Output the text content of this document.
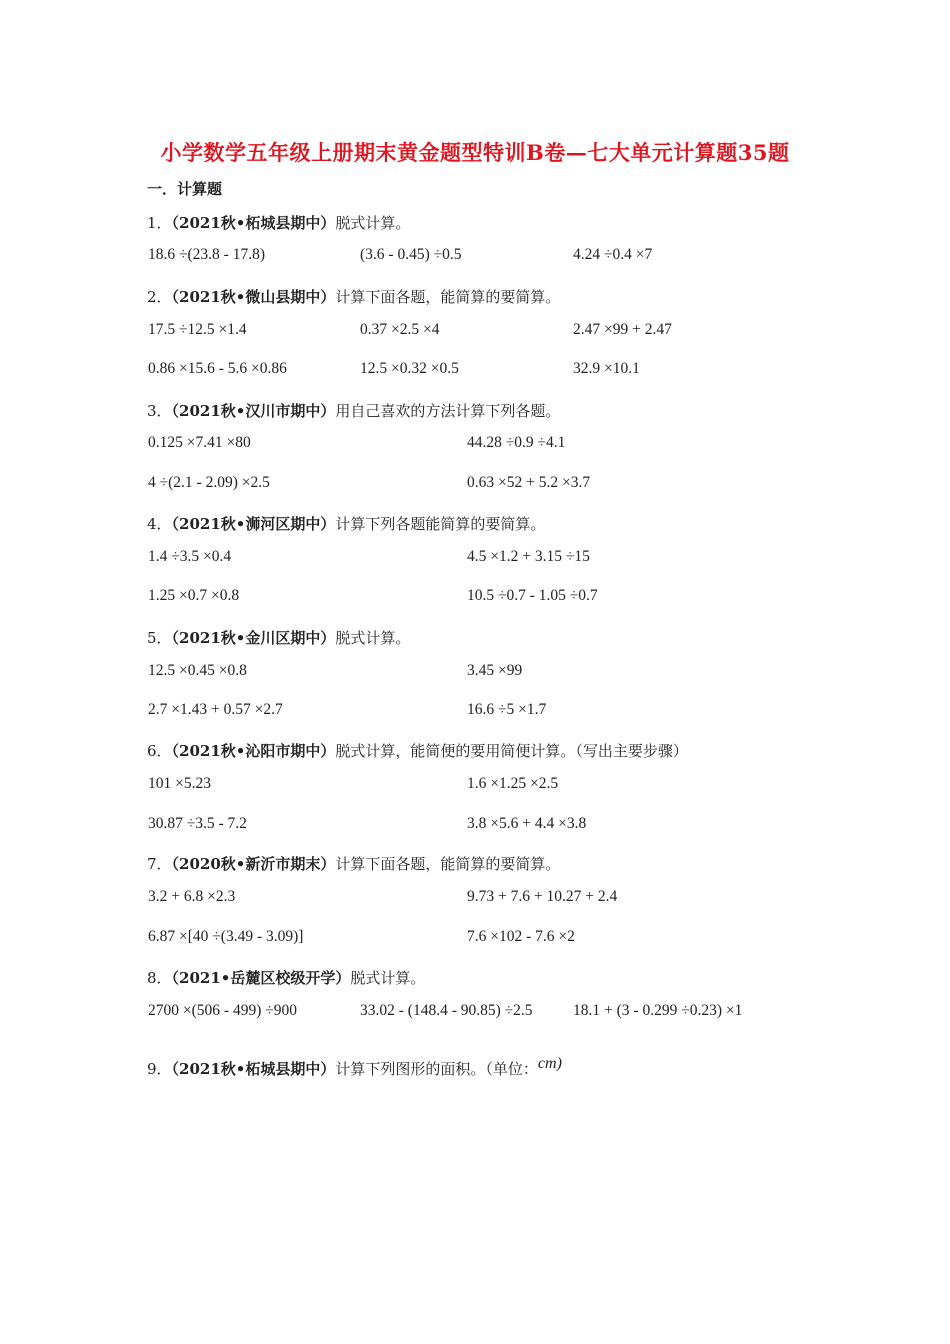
小学数学五年级上册期末黄金题型特训B卷—七大单元计算题35题
一．计算题
1．（2021秋•柘城县期中）脱式计算。
18.6 ÷(23.8 - 17.8)	(3.6 - 0.45) ÷0.5	4.24 ÷0.4 ×7
2．（2021秋•微山县期中）计算下面各题，能简算的要简算。
17.5 ÷12.5 ×1.4	0.37 ×2.5 ×4	2.47 ×99 + 2.47
0.86 ×15.6 - 5.6 ×0.86	12.5 ×0.32 ×0.5	32.9 ×10.1
3．（2021秋•汉川市期中）用自己喜欢的方法计算下列各题。
0.125 ×7.41 ×80	44.28 ÷0.9 ÷4.1
4 ÷(2.1 - 2.09) ×2.5	0.63 ×52 + 5.2 ×3.7
4．（2021秋•浉河区期中）计算下列各题能简算的要简算。
1.4 ÷3.5 ×0.4	4.5 ×1.2 + 3.15 ÷15
1.25 ×0.7 ×0.8	10.5 ÷0.7 - 1.05 ÷0.7
5．（2021秋•金川区期中）脱式计算。
12.5 ×0.45 ×0.8	3.45 ×99
2.7 ×1.43 + 0.57 ×2.7	16.6 ÷5 ×1.7
6．（2021秋•沁阳市期中）脱式计算，能简便的要用简便计算。（写出主要步骤）
101 ×5.23	1.6 ×1.25 ×2.5
30.87 ÷3.5 - 7.2	3.8 ×5.6 + 4.4 ×3.8
7．（2020秋•新沂市期末）计算下面各题，能简算的要简算。
3.2 + 6.8 ×2.3	9.73 + 7.6 + 10.27 + 2.4
6.87 ×[40 ÷(3.49 - 3.09)]	7.6 ×102 - 7.6 ×2
8．（2021•岳麓区校级开学）脱式计算。
2700 ×(506 - 499) ÷900	33.02 - (148.4 - 90.85) ÷2.5	18.1 + (3 - 0.299 ÷0.23) ×1
9．（2021秋•柘城县期中）计算下列图形的面积。（单位：cm)
